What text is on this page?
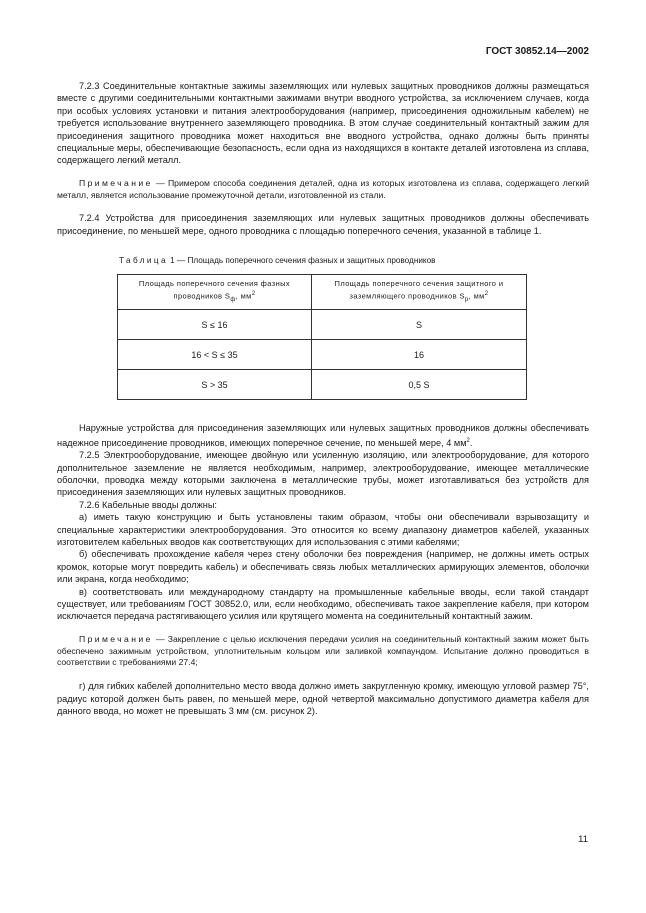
ГОСТ 30852.14—2002

7.2.3 Соединительные контактные зажимы заземляющих или нулевых защитных проводников должны размещаться вместе с другими соединительными контактными зажимами внутри вводного устройства, за исключением случаев, когда при особых условиях установки и питания электрооборудования (например, присоединения одножильным кабелем) не требуется использование внутреннего заземляющего проводника. В этом случае соединительный контактный зажим для присоединения защитного проводника может находиться вне вводного устройства, однако должны быть приняты специальные меры, обеспечивающие безопасность, если одна из находящихся в контакте деталей изготовлена из сплава, содержащего легкий металл.

Примечание — Примером способа соединения деталей, одна из которых изготовлена из сплава, содержащего легкий металл, является использование промежуточной детали, изготовленной из стали.

7.2.4 Устройства для присоединения заземляющих или нулевых защитных проводников должны обеспечивать присоединение, по меньшей мере, одного проводника с площадью поперечного сечения, указанной в таблице 1.

Таблица 1 — Площадь поперечного сечения фазных и защитных проводников
Площадь поперечного сечения фазных
проводников $S_ф$, $мм^2$	Площадь поперечного сечения защитного и
заземляющего проводников $S_р$, $мм^2$
S ≤ 16	S
16 < S ≤ 35	16
S > 35	0,5 S

Наружные устройства для присоединения заземляющих или нулевых защитных проводников должны обеспечивать надежное присоединение проводников, имеющих поперечное сечение, по меньшей мере, 4 $мм^2$.

7.2.5 Электрооборудование, имеющее двойную или усиленную изоляцию, или электрооборудование, для которого дополнительное заземление не является необходимым, например, электрооборудование, имеющее металлические оболочки, проводка между которыми заключена в металлические трубы, может изготавливаться без устройств для присоединения заземляющих или нулевых защитных проводников.

7.2.6 Кабельные вводы должны:

а) иметь такую конструкцию и быть установлены таким образом, чтобы они обеспечивали взрывозащиту и специальные характеристики электрооборудования. Это относится ко всему диапазону диаметров кабелей, указанных изготовителем кабельных вводов как соответствующих для использования с этими кабелями;

б) обеспечивать прохождение кабеля через стену оболочки без повреждения (например, не должны иметь острых кромок, которые могут повредить кабель) и обеспечивать связь любых металлических армирующих элементов, оболочки или экрана, когда необходимо;

в) соответствовать или международному стандарту на промышленные кабельные вводы, если такой стандарт существует, или требованиям ГОСТ 30852.0, или, если необходимо, обеспечивать такое закрепление кабеля, при котором исключается передача растягивающего усилия или крутящего момента на соединительный контактный зажим.

Примечание — Закрепление с целью исключения передачи усилия на соединительный контактный зажим может быть обеспечено зажимным устройством, уплотнительным кольцом или заливкой компаундом. Испытание должно проводиться в соответствии с требованиями 27.4;

г) для гибких кабелей дополнительно место ввода должно иметь закругленную кромку, имеющую угловой размер 75°, радиус которой должен быть равен, по меньшей мере, одной четвертой максимально допустимого диаметра кабеля для данного ввода, но может не превышать 3 мм (см. рисунок 2).

11
